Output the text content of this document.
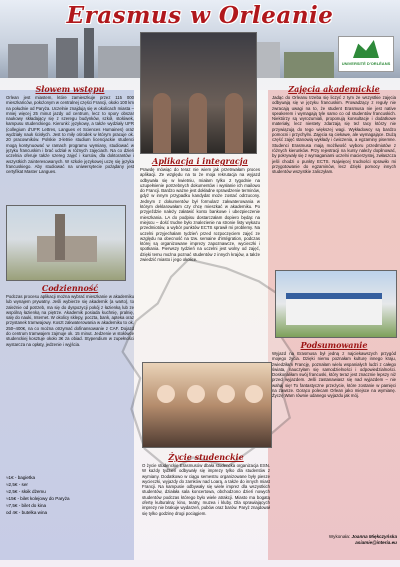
Erasmus w Orleanie
UNIVERSITÉ D'ORLÉANS
Słowem wstępu
Orlean jest miastem, które zamieszkuje przez 115 000 mieszkańców, położonym w centralnej części Francji, około 100 km na południe od Paryża. Uczelnie znajdują się w okolicach miasta – mniej więcej 25 minut jazdy od centrum, lecz to spory obszar naukowy składający się z szeregu budynków, szkół, stołówek, kampusu studenckiego. Kierunki: językowy, a także wydziały UFR (collegium d'UFR Lettres, Langues et Sciences Humaines) oraz wydziały nauk ścisłych. Jest to miły ośrodek w którym pracuje ok. 20 pracowników. Polskie 3-letnie studium licencjackie studenci mogą kontynuować w ramach programu wymiany, studiować w języku francuskim i brać udział w różnych zajęciach. Na co dzień uczelnia oferuje także szereg zajęć i kursów, dla doktorantów i wszystkich zainteresowanych. W szkole językowej uczę się języka francuskiego. Aby studiować na uniwersytecie pożądany jest certyfikat Master Langues.
Codzienność
Podczas procesu aplikacji można wybrać mieszkanie w akademiku lub wynajem prywatny. Jeśli wybierze się akademik (a warto), to zależnie od potrzeb, ma się do dyspozycji pokój z łazienką lub ze wspólną łazienką na piętrze. Akademik posiada kuchnię, pralnię, salę do nauki, Internet. W okolicy sklepy, poczta, bank, apteka oraz przystanek tramwajowy. Koszt zakwaterowania w akademiku to ok. 250–400€, na co można otrzymać dofinansowanie z CAF. Dojazd do centrum tramwajem zajmuje ok. 15 minut. Jedzenie w stołówce studenckiej kosztuje około 3€ za obiad. Stypendium w zupełności wystarcza na opłaty, jedzenie i wyjścia.
≈1€ - bagietka
≈2,5€ - ser
≈2,5€ - słoik dżemu
≈15€ - bilet kolejowy do Paryża
≈7,5€ - bilet do kina
od 4€ - butelka wina
Aplikacja i integracja
Prawdę mówiąc do teraz nie wiem jak przetrwałam proces aplikacji. Ze względu na to że moja rekrutacja na wyjazd odbywała się w kwietniu, miałam tylko 2 tygodnie na uzupełnienie potrzebnych dokumentów i wysłanie ich mailowo do Francji. Bardzo ważne jest dokładne sprawdzenie terminów, gdyż w innym przypadku kandydat może zostać odrzucony. Jednym z dokumentów był formularz zakwaterowania w którym deklarowałam czy chcę mieszkać w akademiku. Po przyjeździe należy załatwić konto bankowe i ubezpieczenie mieszkania. LA do podpisu dostarczałam dopiero będąc na miejscu – dość trudne było znalezienie na stronie listy wykazu przedmiotów, a wybór punktów ECTS sprawił mi problemy. Na uczelni przyjechałam tydzień przed rozpoczęciem zajęć ze względu na obecność na tzw. semaine d'intégration, podczas której są organizowane imprezy zapoznawcze, wycieczki i spotkania. Pierwszy tydzień na uczelni jest wolny od zajęć, dzięki temu można poznać studentów z innych krajów, a także zwiedzić miasto i jego okolice.
Życie studenckie
O życie studenckie Erasmusów dbała studencka organizacja ESN. W każdy tydzień odbywały się imprezy tylko dla studentów z wymiany. Dodatkowo w ciągu semestru organizowane były piesze wycieczki, wyjazdy do zamków nad Loarą, a także do innych miast Francji. Na kampusie odbywały się wiele imprez dla wszystkich studentów, działała sala koncertowa, obchodzono dzień nowych studentów podczas którego było wiele atrakcji. Miasto ma bogatą ofertę kulturalną: kino, teatry, muzea i kluby. Dla sprawiających imprezy nie brakuje wydarzeń, pubów oraz barów. Paryż znajdował się tylko godzinę drogi pociągiem.
Zajęcia akademickie
Jadąc do Orleanu trzeba się liczyć z tym że wszystkie zajęcia odbywają się w języku francuskim. Prowadzący z reguły nie zwracają uwagi na to, że student Erasmusa nie jest native speakerem i wymagają tyle samo co od studentów francuskich. Niektórzy są wyrozumiali, proponują konsultacje i dodatkowe materiały, lecz niestety zdarzają się też tacy którzy nie przywiązują do tego większej wagi. Wykładowcy są bardzo pomocni i przychylni. Zajęcia są ciekawe, ale wymagające. Dużą część zajęć stanowią wykłady i ćwiczenia, a egzaminy pisemne. Studenci Erasmusa mają możliwość wyboru przedmiotów z różnych kierunków. Przy rejestracji na kursy należy dopilnować, by pokrywały się z wymaganiami uczelni macierzystej, zwłaszcza jeśli chodzi o punkty ECTS. Najwięcej trudności sprawiło mi przygotowanie do egzaminów, lecz dzięki pomocy innych studentów wszystkie zaliczyłam.
Podsumowanie
Wyjazd na Erasmusa był jedną z najciekawszych przygód mojego życia. Dzięki niemu poznałam kulturę innego kraju, zwiedziłam Francję, poznałam wielu wspaniałych ludzi z całego świata, nauczyłam się samodzielności i odpowiedzialności. Doskonaliłam swój francuski, który teraz jest znacznie lepszy niż przed wyjazdem. Jeśli zastanawiasz się nad wyjazdem – nie wahaj się! To fantastyczne przeżycie, które zostanie w pamięci na zawsze. Gorąco polecam Orlean jako miejsce na wymianę. Życzę Wam równie udanego wyjazdu jak mój.
Wykonała: Joanna Miękczyńska
asiamie@interia.eu
